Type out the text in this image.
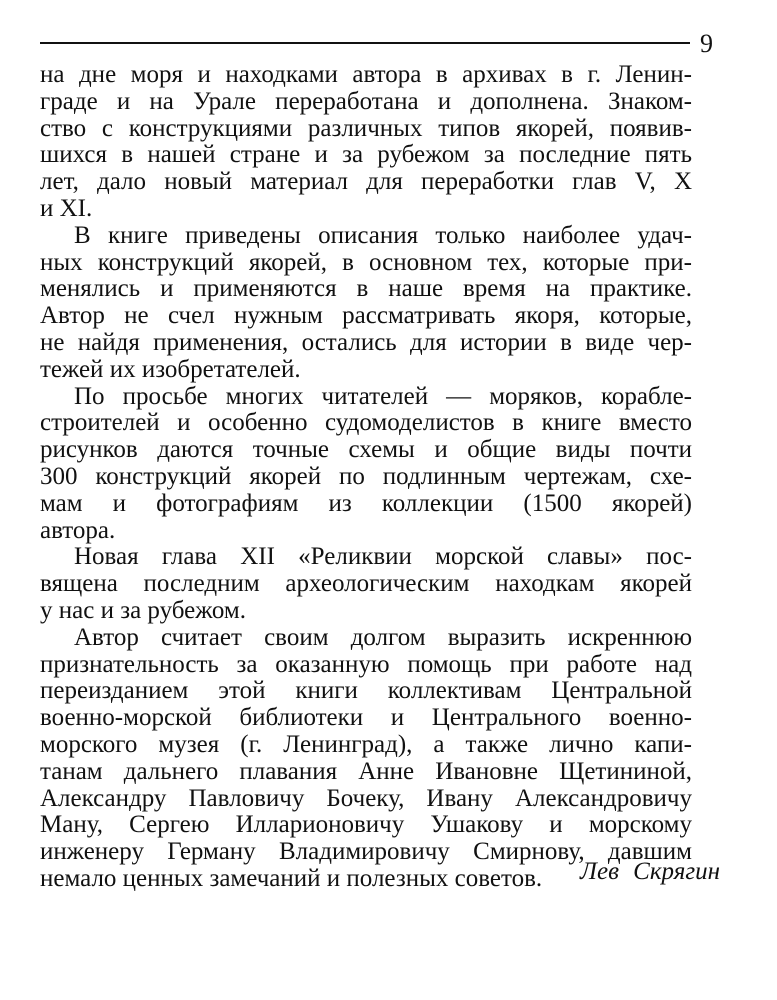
9

на дне моря и находками автора в архивах в г. Ленин-
граде и на Урале переработана и дополнена. Знаком-
ство с конструкциями различных типов якорей, появив-
шихся в нашей стране и за рубежом за последние пять
лет, дало новый материал для переработки глав V, X
и XI.

В книге приведены описания только наиболее удач-
ных конструкций якорей, в основном тех, которые при-
менялись и применяются в наше время на практике.
Автор не счел нужным рассматривать якоря, которые,
не найдя применения, остались для истории в виде чер-
тежей их изобретателей.

По просьбе многих читателей — моряков, корабле-
строителей и особенно судомоделистов в книге вместо
рисунков даются точные схемы и общие виды почти
300 конструкций якорей по подлинным чертежам, схе-
мам и фотографиям из коллекции (1500 якорей)
автора.

Новая глава XII «Реликвии морской славы» пос-
вящена последним археологическим находкам якорей
у нас и за рубежом.

Автор считает своим долгом выразить искреннюю
признательность за оказанную помощь при работе над
переизданием этой книги коллективам Центральной
военно-морской библиотеки и Центрального военно-
морского музея (г. Ленинград), а также лично капи-
танам дальнего плавания Анне Ивановне Щетининой,
Александру Павловичу Бочеку, Ивану Александровичу
Ману, Сергею Илларионовичу Ушакову и морскому
инженеру Герману Владимировичу Смирнову, давшим
немало ценных замечаний и полезных советов.	Лев Скрягин
